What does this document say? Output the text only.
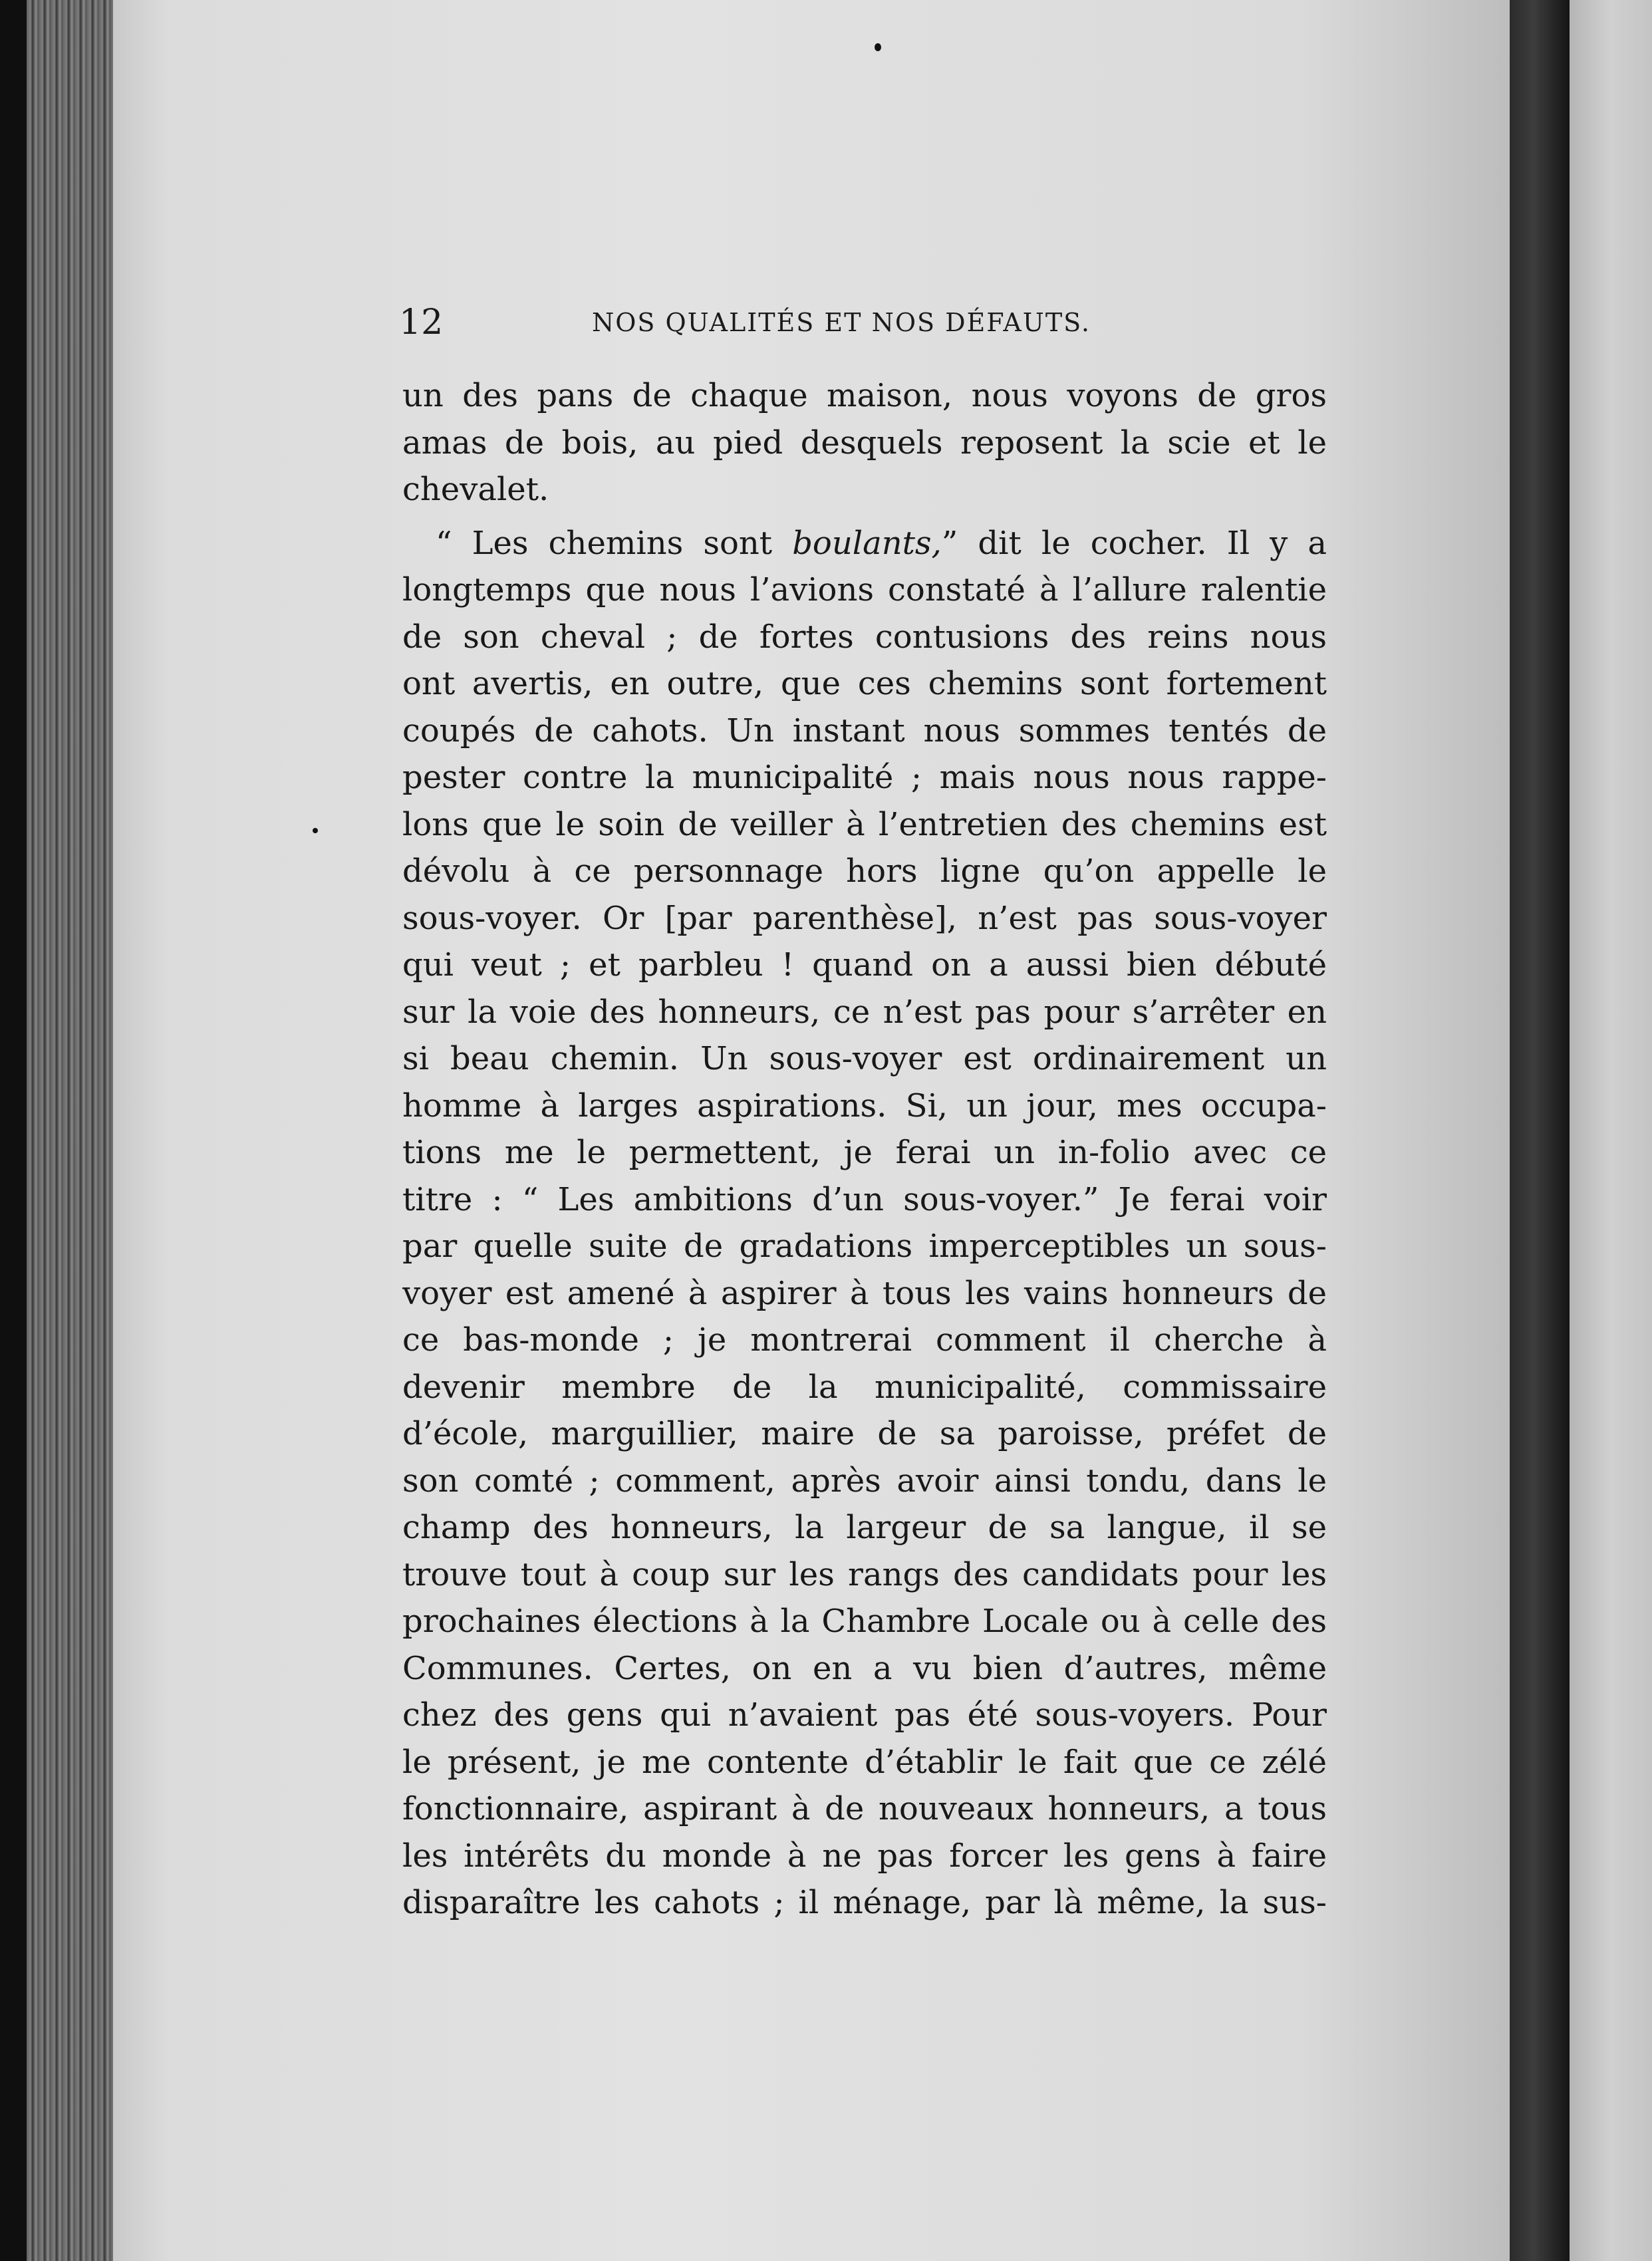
12	NOS QUALITÉS ET NOS DÉFAUTS.
un des pans de chaque maison, nous voyons de gros
amas de bois, au pied desquels reposent la scie et le
chevalet.
“ Les chemins sont boulants,” dit le cocher. Il y a
longtemps que nous l’avions constaté à l’allure ralentie
de son cheval ; de fortes contusions des reins nous
ont avertis, en outre, que ces chemins sont fortement
coupés de cahots. Un instant nous sommes tentés de
pester contre la municipalité ; mais nous nous rappe-
lons que le soin de veiller à l’entretien des chemins est
dévolu à ce personnage hors ligne qu’on appelle le
sous-voyer. Or [par parenthèse], n’est pas sous-voyer
qui veut ; et parbleu ! quand on a aussi bien débuté
sur la voie des honneurs, ce n’est pas pour s’arrêter en
si beau chemin. Un sous-voyer est ordinairement un
homme à larges aspirations. Si, un jour, mes occupa-
tions me le permettent, je ferai un in-folio avec ce
titre : “ Les ambitions d’un sous-voyer.” Je ferai voir
par quelle suite de gradations imperceptibles un sous-
voyer est amené à aspirer à tous les vains honneurs de
ce bas-monde ; je montrerai comment il cherche à
devenir membre de la municipalité, commissaire
d’école, marguillier, maire de sa paroisse, préfet de
son comté ; comment, après avoir ainsi tondu, dans le
champ des honneurs, la largeur de sa langue, il se
trouve tout à coup sur les rangs des candidats pour les
prochaines élections à la Chambre Locale ou à celle des
Communes. Certes, on en a vu bien d’autres, même
chez des gens qui n’avaient pas été sous-voyers. Pour
le présent, je me contente d’établir le fait que ce zélé
fonctionnaire, aspirant à de nouveaux honneurs, a tous
les intérêts du monde à ne pas forcer les gens à faire
disparaître les cahots ; il ménage, par là même, la sus-
